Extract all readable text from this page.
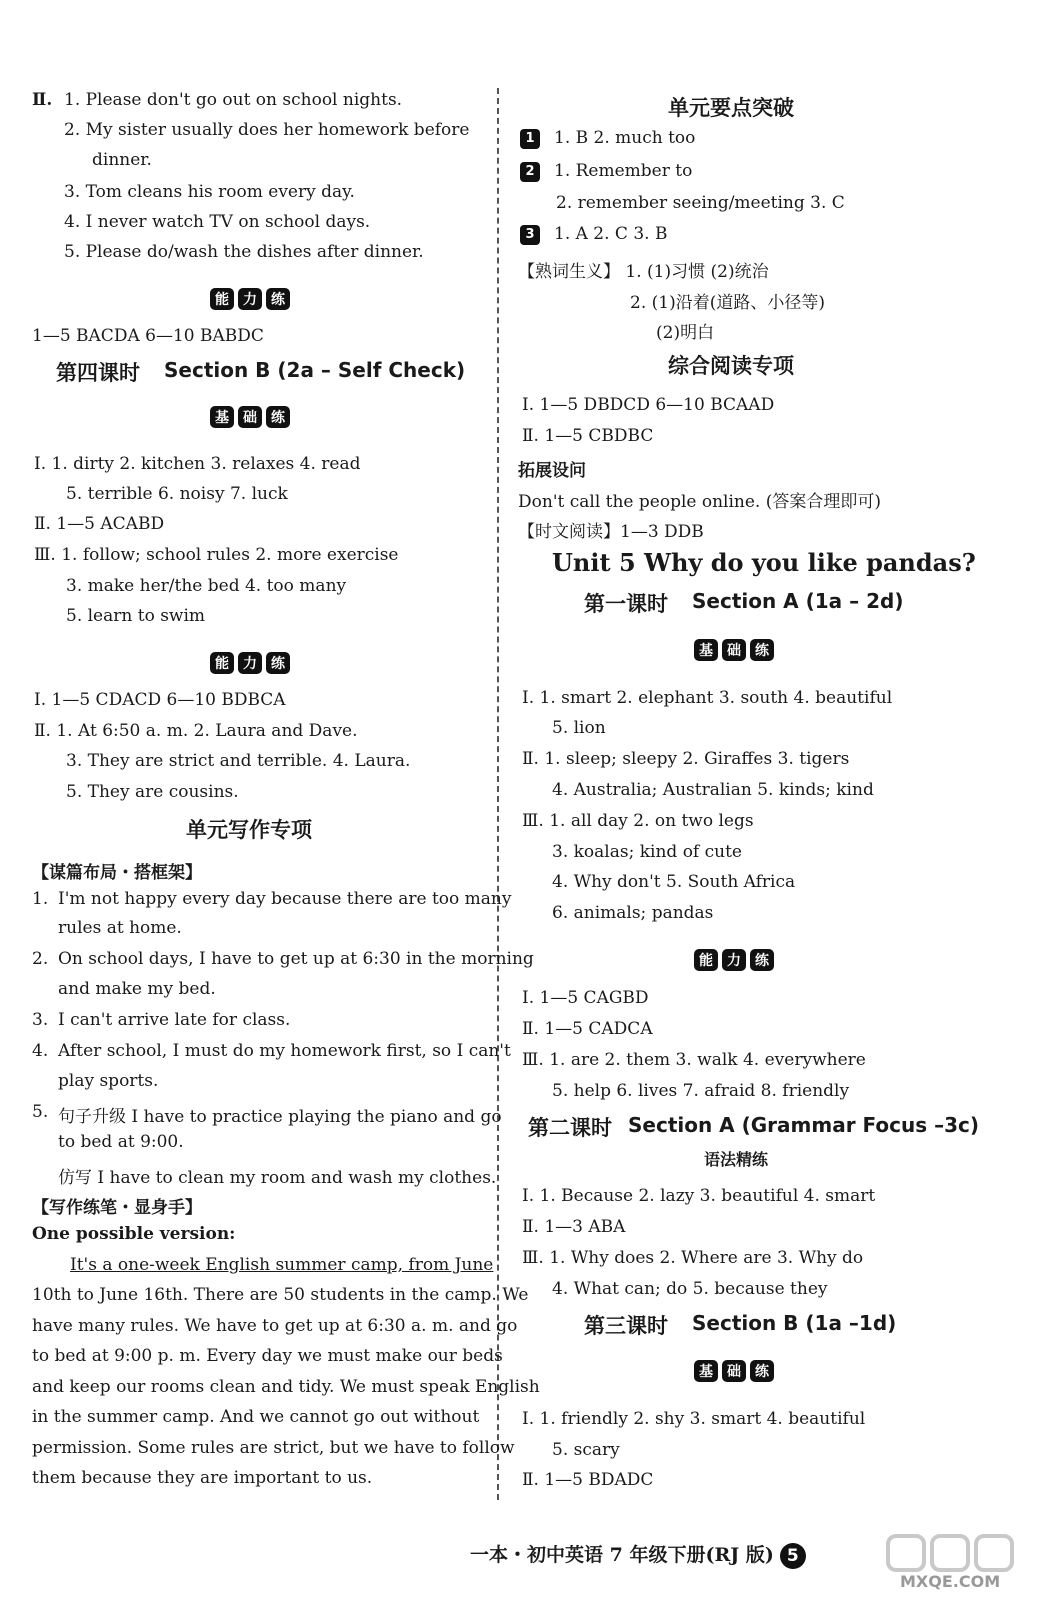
Ⅱ. 1. Please don't go out on school nights.
2. My sister usually does her homework before
dinner.
3. Tom cleans his room every day.
4. I never watch TV on school days.
5. Please do/wash the dishes after dinner.
能	力	练
1—5 BACDA 6—10 BABDC
第四课时 Section B (2a – Self Check)
基	础	练
Ⅰ. 1. dirty 2. kitchen 3. relaxes 4. read
5. terrible 6. noisy 7. luck
Ⅱ. 1—5 ACABD
Ⅲ. 1. follow; school rules 2. more exercise
3. make her/the bed 4. too many
5. learn to swim
能	力	练
Ⅰ. 1—5 CDACD 6—10 BDBCA
Ⅱ. 1. At 6:50 a. m. 2. Laura and Dave.
3. They are strict and terrible. 4. Laura.
5. They are cousins.
单元写作专项
【谋篇布局・搭框架】
1. I'm not happy every day because there are too many
rules at home.
2. On school days, I have to get up at 6:30 in the morning
and make my bed.
3. I can't arrive late for class.
4. After school, I must do my homework first, so I can't
play sports.
5. 句子升级 I have to practice playing the piano and go
to bed at 9:00.
仿写 I have to clean my room and wash my clothes.
【写作练笔・显身手】
One possible version:
It's a one-week English summer camp, from June
10th to June 16th. There are 50 students in the camp. We
have many rules. We have to get up at 6:30 a. m. and go
to bed at 9:00 p. m. Every day we must make our beds
and keep our rooms clean and tidy. We must speak English
in the summer camp. And we cannot go out without
permission. Some rules are strict, but we have to follow
them because they are important to us.
单元要点突破
1 1. B 2. much too
2 1. Remember to
2. remember seeing/meeting 3. C
3 1. A 2. C 3. B
【熟词生义】 1. (1)习惯 (2)统治
2. (1)沿着(道路、小径等)
(2)明白
综合阅读专项
Ⅰ. 1—5 DBDCD 6—10 BCAAD
Ⅱ. 1—5 CBDBC
拓展设问
Don't call the people online. (答案合理即可)
【时文阅读】1—3 DDB
Unit 5 Why do you like pandas?
第一课时 Section A (1a – 2d)
基	础	练
Ⅰ. 1. smart 2. elephant 3. south 4. beautiful
5. lion
Ⅱ. 1. sleep; sleepy 2. Giraffes 3. tigers
4. Australia; Australian 5. kinds; kind
Ⅲ. 1. all day 2. on two legs
3. koalas; kind of cute
4. Why don't 5. South Africa
6. animals; pandas
能	力	练
Ⅰ. 1—5 CAGBD
Ⅱ. 1—5 CADCA
Ⅲ. 1. are 2. them 3. walk 4. everywhere
5. help 6. lives 7. afraid 8. friendly
第二课时 Section A (Grammar Focus –3c)
语法精练
Ⅰ. 1. Because 2. lazy 3. beautiful 4. smart
Ⅱ. 1—3 ABA
Ⅲ. 1. Why does 2. Where are 3. Why do
4. What can; do 5. because they
第三课时 Section B (1a –1d)
基	础	练
Ⅰ. 1. friendly 2. shy 3. smart 4. beautiful
5. scary
Ⅱ. 1—5 BDADC
一本・初中英语 7 年级下册(RJ 版) 5
MXQE.COM
